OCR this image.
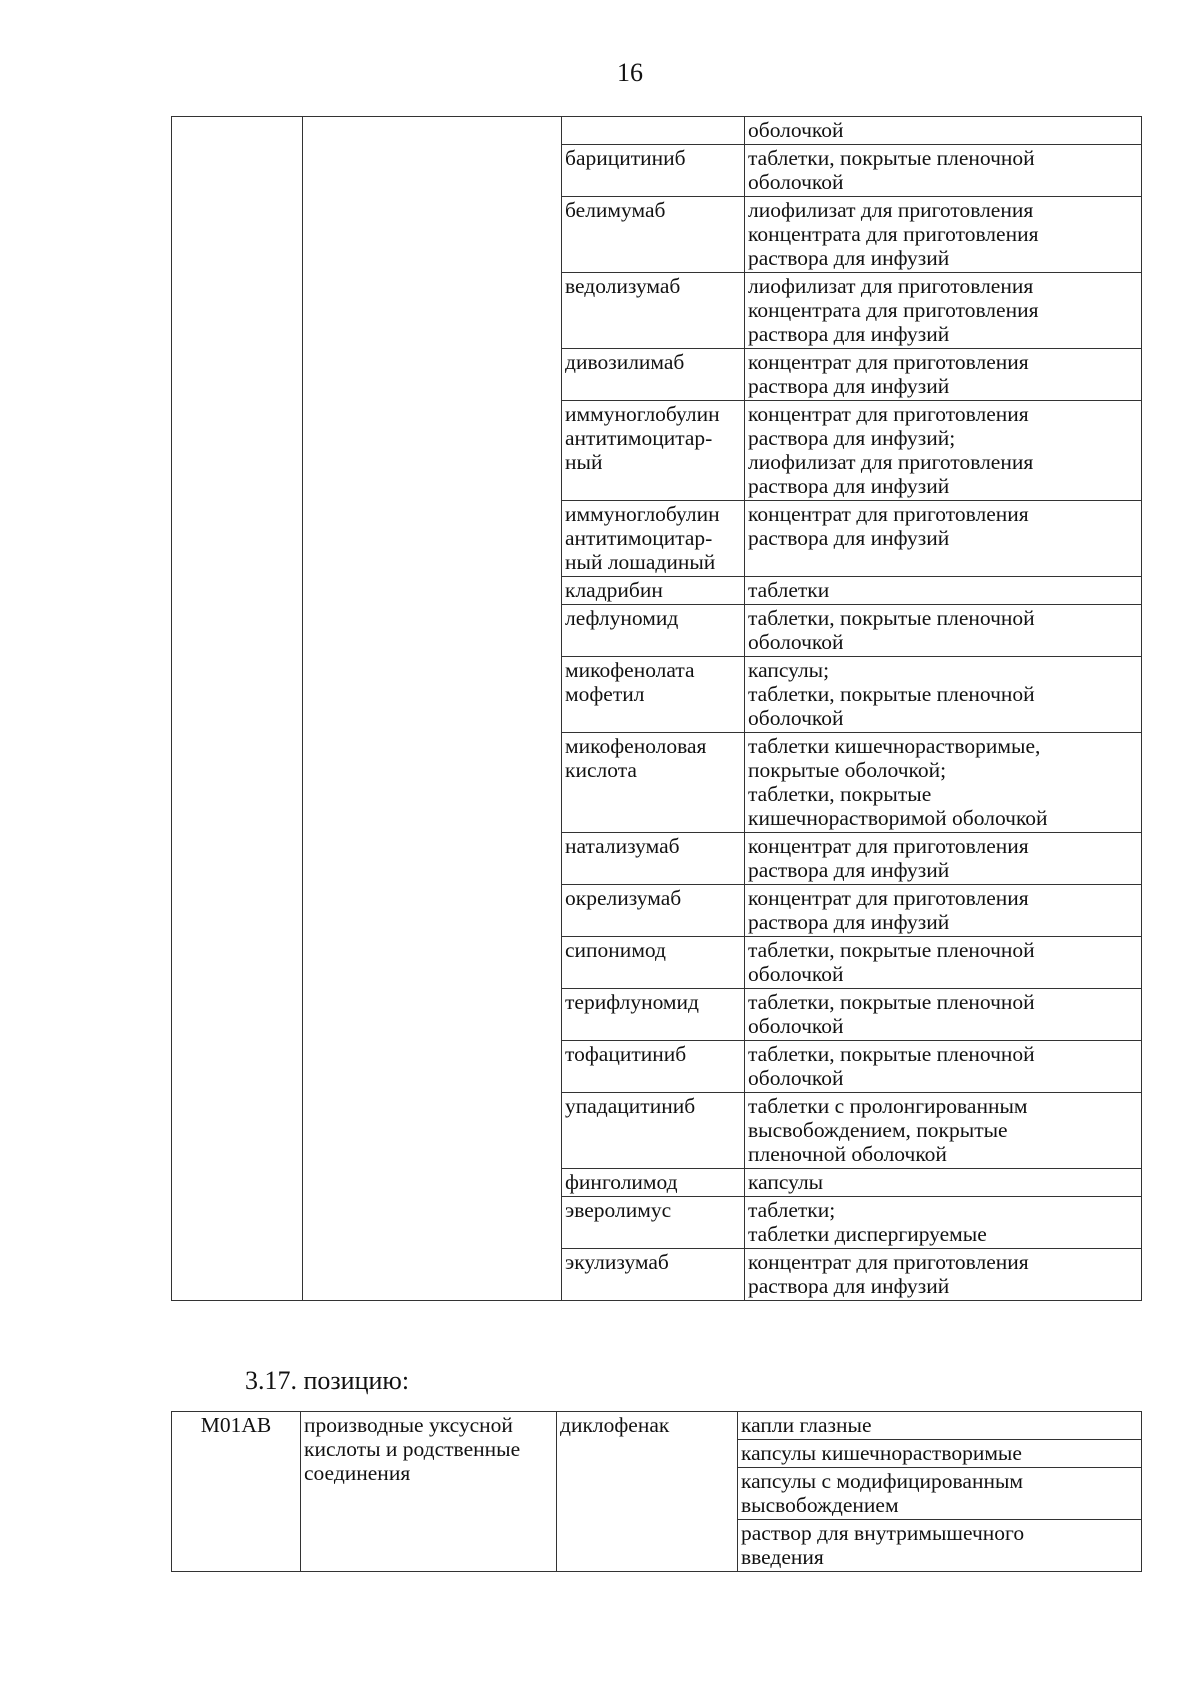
16

			оболочкой

		барицитиниб	таблетки, покрытые пленочной
оболочкой

		белимумаб	лиофилизат для приготовления
концентрата для приготовления
раствора для инфузий

		ведолизумаб	лиофилизат для приготовления
концентрата для приготовления
раствора для инфузий

		дивозилимаб	концентрат для приготовления
раствора для инфузий

		иммуноглобулин
антитимоцитар-
ный	концентрат для приготовления
раствора для инфузий;
лиофилизат для приготовления
раствора для инфузий

		иммуноглобулин
антитимоцитар-
ный лошадиный	концентрат для приготовления
раствора для инфузий

		кладрибин	таблетки

		лефлуномид	таблетки, покрытые пленочной
оболочкой

		микофенолата
мофетил	капсулы;
таблетки, покрытые пленочной
оболочкой

		микофеноловая
кислота	таблетки кишечнорастворимые,
покрытые оболочкой;
таблетки, покрытые
кишечнорастворимой оболочкой

		натализумаб	концентрат для приготовления
раствора для инфузий

		окрелизумаб	концентрат для приготовления
раствора для инфузий

		сипонимод	таблетки, покрытые пленочной
оболочкой

		терифлуномид	таблетки, покрытые пленочной
оболочкой

		тофацитиниб	таблетки, покрытые пленочной
оболочкой

		упадацитиниб	таблетки с пролонгированным
высвобождением, покрытые
пленочной оболочкой

		финголимод	капсулы

		эверолимус	таблетки;
таблетки диспергируемые

		экулизумаб	концентрат для приготовления
раствора для инфузий
3.17. позицию:
M01AB	производные уксусной
кислоты и родственные
соединения
	диклофенак	капли глазные

капсулы кишечнорастворимые

капсулы с модифицированным
высвобождением

раствор для внутримышечного
введения
